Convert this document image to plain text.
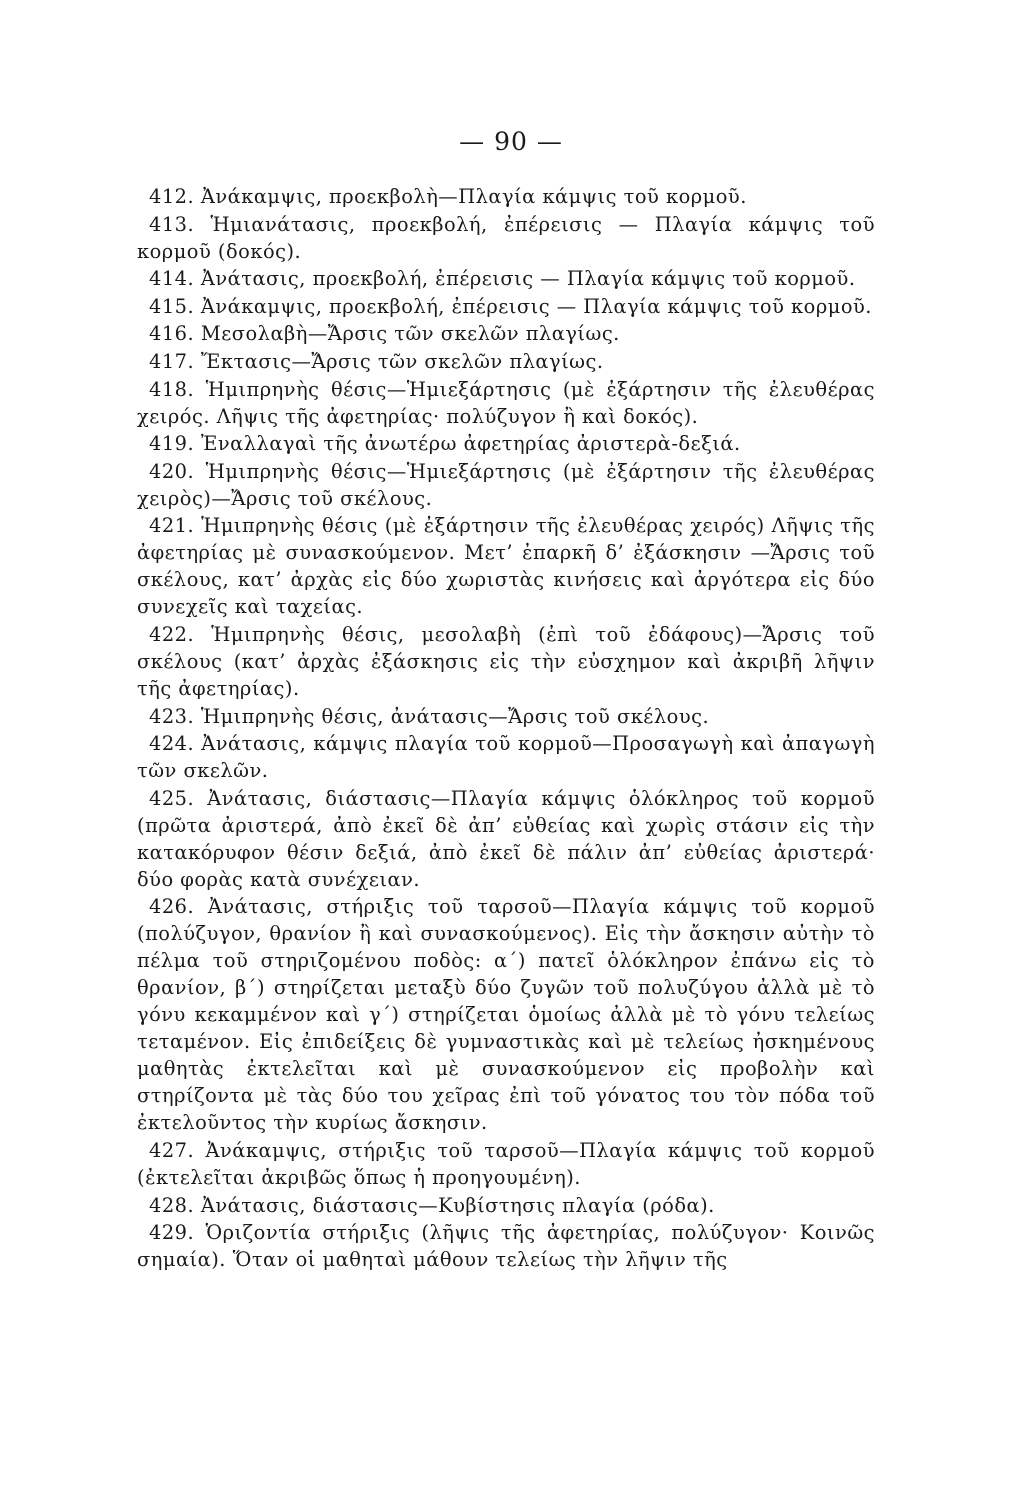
— 90 —

412. Ἀνάκαμψις, προεκβολὴ—Πλαγία κάμψις τοῦ κορμοῦ.

413. Ἡμιανάτασις, προεκβολή, ἐπέρεισις — Πλαγία κάμψις τοῦ κορμοῦ (δοκός).

414. Ἀνάτασις, προεκβολή, ἐπέρεισις — Πλαγία κάμψις τοῦ κορμοῦ.

415. Ἀνάκαμψις, προεκβολή, ἐπέρεισις — Πλαγία κάμψις τοῦ κορμοῦ.

416. Μεσολαβὴ—Ἄρσις τῶν σκελῶν πλαγίως.

417. Ἔκτασις—Ἄρσις τῶν σκελῶν πλαγίως.

418. Ἡμιπρηνὴς θέσις—Ἡμιεξάρτησις (μὲ ἐξάρτησιν τῆς ἐλευθέρας χειρός. Λῆψις τῆς ἀφετηρίας· πολύζυγον ἢ καὶ δοκός).

419. Ἐναλλαγαὶ τῆς ἀνωτέρω ἀφετηρίας ἀριστερὰ-δεξιά.

420. Ἡμιπρηνὴς θέσις—Ἡμιεξάρτησις (μὲ ἐξάρτησιν τῆς ἐλευθέρας χειρὸς)—Ἄρσις τοῦ σκέλους.

421. Ἡμιπρηνὴς θέσις (μὲ ἐξάρτησιν τῆς ἐλευθέρας χειρός) Λῆψις τῆς ἀφετηρίας μὲ συνασκούμενον. Μετ’ ἐπαρκῆ δ’ ἐξάσκησιν —Ἄρσις τοῦ σκέλους, κατ’ ἀρχὰς εἰς δύο χωριστὰς κινήσεις καὶ ἀργότερα εἰς δύο συνεχεῖς καὶ ταχείας.

422. Ἡμιπρηνὴς θέσις, μεσολαβὴ (ἐπὶ τοῦ ἐδάφους)—Ἄρσις τοῦ σκέλους (κατ’ ἀρχὰς ἐξάσκησις εἰς τὴν εὐσχημον καὶ ἀκριβῆ λῆψιν τῆς ἀφετηρίας).

423. Ἡμιπρηνὴς θέσις, ἀνάτασις—Ἄρσις τοῦ σκέλους.

424. Ἀνάτασις, κάμψις πλαγία τοῦ κορμοῦ—Προσαγωγὴ καὶ ἀπαγωγὴ τῶν σκελῶν.

425. Ἀνάτασις, διάστασις—Πλαγία κάμψις ὁλόκληρος τοῦ κορμοῦ (πρῶτα ἀριστερά, ἀπὸ ἐκεῖ δὲ ἀπ’ εὐθείας καὶ χωρὶς στάσιν εἰς τὴν κατακόρυφον θέσιν δεξιά, ἀπὸ ἐκεῖ δὲ πάλιν ἀπ’ εὐθείας ἀριστερά· δύο φορὰς κατὰ συνέχειαν.

426. Ἀνάτασις, στήριξις τοῦ ταρσοῦ—Πλαγία κάμψις τοῦ κορμοῦ (πολύζυγον, θρανίον ἢ καὶ συνασκούμενος). Εἰς τὴν ἄσκησιν αὐτὴν τὸ πέλμα τοῦ στηριζομένου ποδὸς: α΄) πατεῖ ὁλόκληρον ἐπάνω εἰς τὸ θρανίον, β΄) στηρίζεται μεταξὺ δύο ζυγῶν τοῦ πολυζύγου ἀλλὰ μὲ τὸ γόνυ κεκαμμένον καὶ γ΄) στηρίζεται ὁμοίως ἀλλὰ μὲ τὸ γόνυ τελείως τεταμένον. Εἰς ἐπιδείξεις δὲ γυμναστικὰς καὶ μὲ τελείως ἠσκημένους μαθητὰς ἐκτελεῖται καὶ μὲ συνασκούμενον εἰς προβολὴν καὶ στηρίζοντα μὲ τὰς δύο του χεῖρας ἐπὶ τοῦ γόνατος του τὸν πόδα τοῦ ἐκτελοῦντος τὴν κυρίως ἄσκησιν.

427. Ἀνάκαμψις, στήριξις τοῦ ταρσοῦ—Πλαγία κάμψις τοῦ κορμοῦ (ἐκτελεῖται ἀκριβῶς ὅπως ἡ προηγουμένη).

428. Ἀνάτασις, διάστασις—Κυβίστησις πλαγία (ρόδα).

429. Ὁριζοντία στήριξις (λῆψις τῆς ἀφετηρίας, πολύζυγον· Κοινῶς σημαία). Ὅταν οἱ μαθηταὶ μάθουν τελείως τὴν λῆψιν τῆς
